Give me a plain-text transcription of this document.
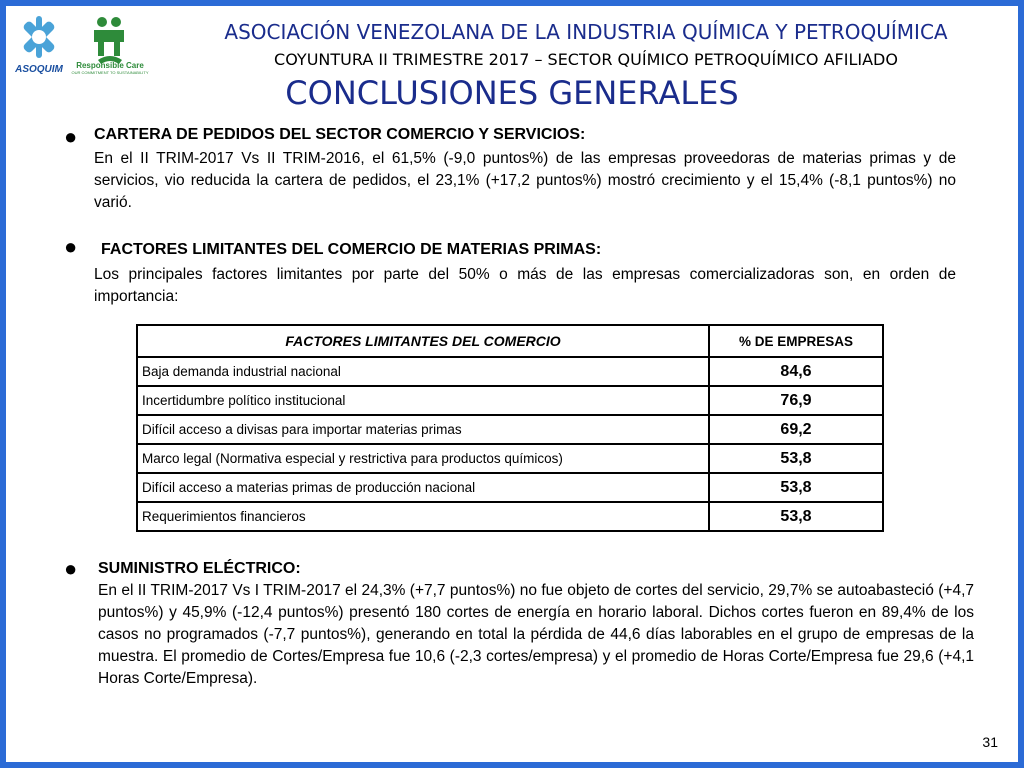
ASOQUIM Responsible Care
OUR COMMITMENT TO SUSTAINABILITY
ASOCIACIÓN VENEZOLANA DE LA INDUSTRIA QUÍMICA Y PETROQUÍMICA
COYUNTURA II TRIMESTRE 2017 – SECTOR QUÍMICO PETROQUÍMICO AFILIADO
CONCLUSIONES GENERALES
● CARTERA DE PEDIDOS DEL SECTOR COMERCIO Y SERVICIOS:
En el II TRIM-2017 Vs II TRIM-2016, el 61,5% (-9,0 puntos%) de las empresas proveedoras de materias primas y de servicios, vio reducida la cartera de pedidos, el 23,1% (+17,2 puntos%) mostró crecimiento y el 15,4% (-8,1 puntos%) no varió.
● FACTORES LIMITANTES DEL COMERCIO DE MATERIAS PRIMAS:
Los principales factores limitantes por parte del 50% o más de las empresas comercializadoras son, en orden de importancia:
FACTORES LIMITANTES DEL COMERCIO	% DE EMPRESAS
Baja demanda industrial nacional	84,6
Incertidumbre político institucional	76,9
Difícil acceso a divisas para importar materias primas	69,2
Marco legal (Normativa especial y restrictiva para productos químicos)	53,8
Difícil acceso a materias primas de producción nacional	53,8
Requerimientos financieros	53,8
● SUMINISTRO ELÉCTRICO:
En el II TRIM-2017 Vs I TRIM-2017 el 24,3% (+7,7 puntos%) no fue objeto de cortes del servicio, 29,7% se autoabasteció (+4,7 puntos%) y 45,9% (-12,4 puntos%) presentó 180 cortes de energía en horario laboral. Dichos cortes fueron en 89,4% de los casos no programados (-7,7 puntos%), generando en total la pérdida de 44,6 días laborables en el grupo de empresas de la muestra. El promedio de Cortes/Empresa fue 10,6 (-2,3 cortes/empresa) y el promedio de Horas Corte/Empresa fue 29,6 (+4,1 Horas Corte/Empresa).
31
